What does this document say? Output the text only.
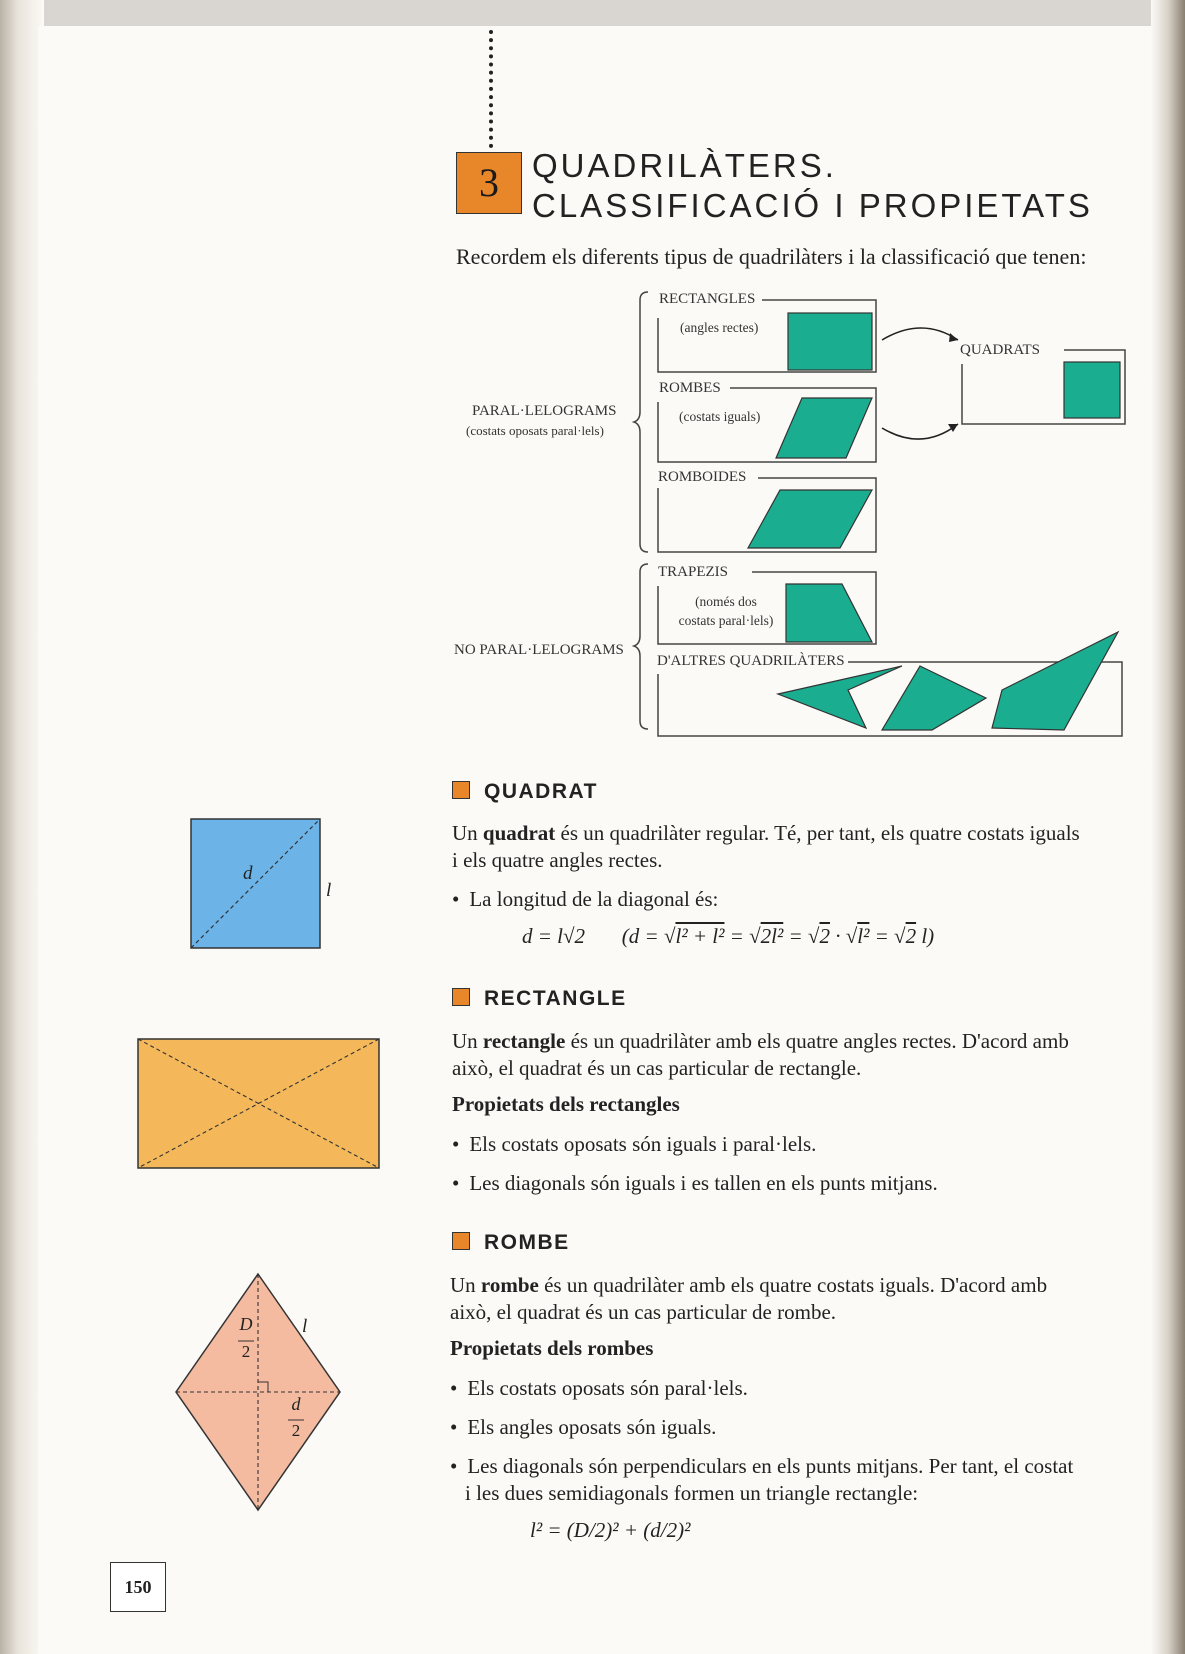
3	QUADRILÀTERS.
CLASSIFICACIÓ I PROPIETATS
Recordem els diferents tipus de quadrilàters i la classificació que tenen:
PARAL·LELOGRAMS
(costats oposats paral·lels)
NO PARAL·LELOGRAMS
RECTANGLES
(angles rectes)
ROMBES
(costats iguals)
ROMBOIDES
QUADRATS
TRAPEZIS
(només dos
costats paral·lels)
D'ALTRES QUADRILÀTERS
QUADRAT
Un quadrat és un quadrilàter regular. Té, per tant, els quatre costats iguals
i els quatre angles rectes.
• La longitud de la diagonal és:
d = l√2       (d = √l² + l² = √2l² = √2 · √l² = √2 l)
d
l
RECTANGLE
Un rectangle és un quadrilàter amb els quatre angles rectes. D'acord amb
això, el quadrat és un cas particular de rectangle.
Propietats dels rectangles
• Els costats oposats són iguals i paral·lels.
• Les diagonals són iguals i es tallen en els punts mitjans.
ROMBE
Un rombe és un quadrilàter amb els quatre costats iguals. D'acord amb
això, el quadrat és un cas particular de rombe.
Propietats dels rombes
• Els costats oposats són paral·lels.
• Els angles oposats són iguals.
• Les diagonals són perpendiculars en els punts mitjans. Per tant, el costat
i les dues semidiagonals formen un triangle rectangle:
l² = (D/2)² + (d/2)²
D
2
d
2
l
150
